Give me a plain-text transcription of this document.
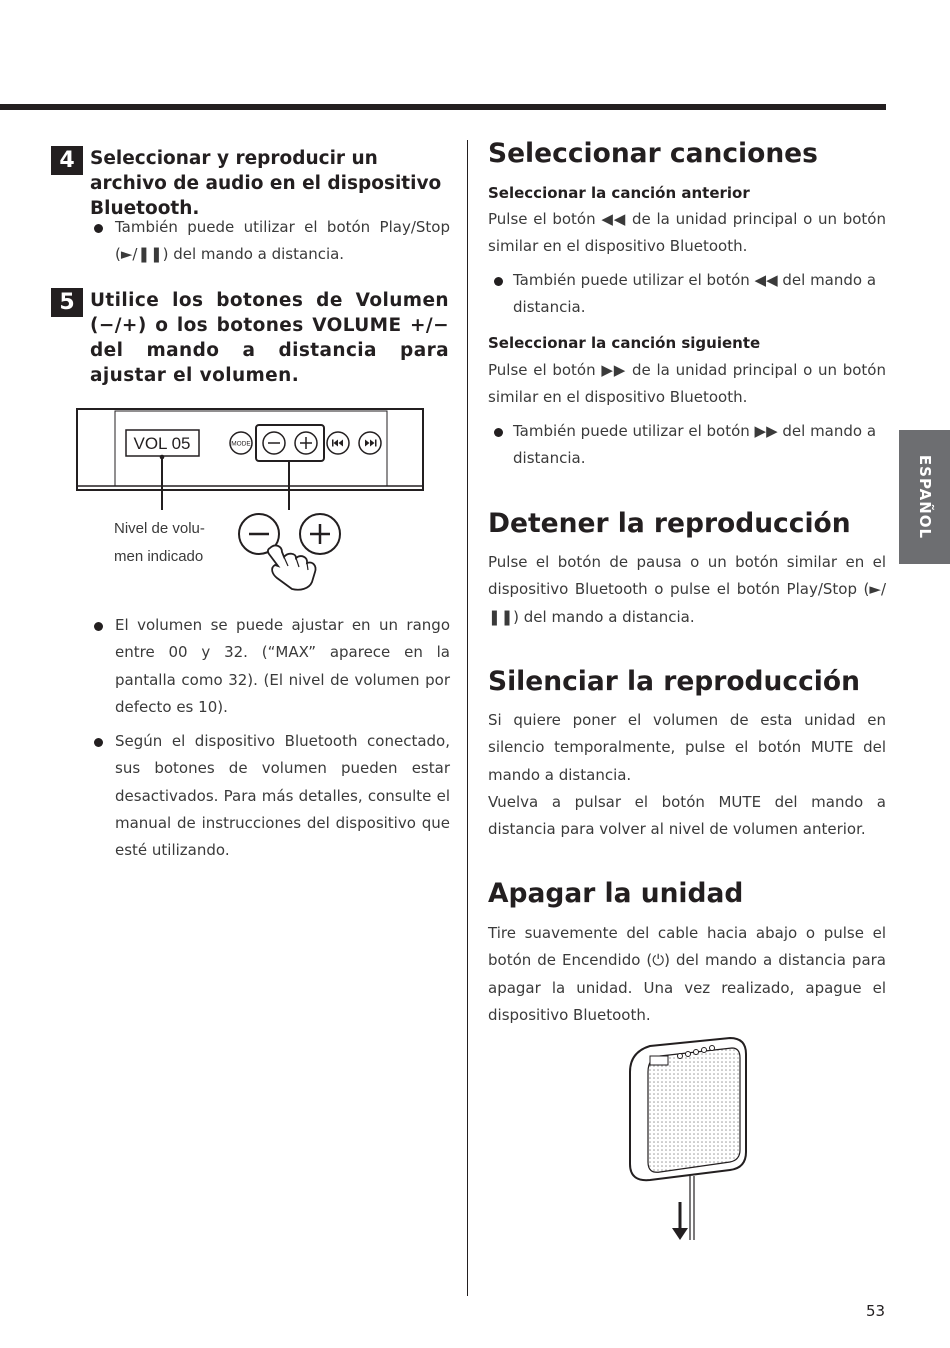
ESPAÑOL
4 Seleccionar y reproducir un archivo de audio en el dispositivo Bluetooth.
También puede utilizar el botón Play/Stop (►/❚❚) del mando a distancia.
5 Utilice los botones de Volumen (−/+) o los botones VOLUME +/− del mando a distancia para ajustar el volumen.
VOL 05	MODE
Nivel de volu-
men indicado
El volumen se puede ajustar en un rango entre 00 y 32. (“MAX” aparece en la pantalla como 32). (El nivel de volumen por defecto es 10).
Según el dispositivo Bluetooth conectado, sus botones de volumen pueden estar desactivados. Para más detalles, consulte el manual de instrucciones del dispositivo que esté utilizando.
Seleccionar canciones
Seleccionar la canción anterior
Pulse el botón ◀◀ de la unidad principal o un botón similar en el dispositivo Bluetooth.
También puede utilizar el botón ◀◀ del mando a distancia.
Seleccionar la canción siguiente
Pulse el botón ▶▶ de la unidad principal o un botón similar en el dispositivo Bluetooth.
También puede utilizar el botón ▶▶ del mando a distancia.
Detener la reproducción
Pulse el botón de pausa o un botón similar en el dispositivo Bluetooth o pulse el botón Play/Stop (►/❚❚) del mando a distancia.
Silenciar la reproducción
Si quiere poner el volumen de esta unidad en silencio temporalmente, pulse el botón MUTE del mando a distancia.
Vuelva a pulsar el botón MUTE del mando a distancia para volver al nivel de volumen anterior.
Apagar la unidad
Tire suavemente del cable hacia abajo o pulse el botón de Encendido (⏻) del mando a distancia para apagar la unidad. Una vez realizado, apague el dispositivo Bluetooth.
53
